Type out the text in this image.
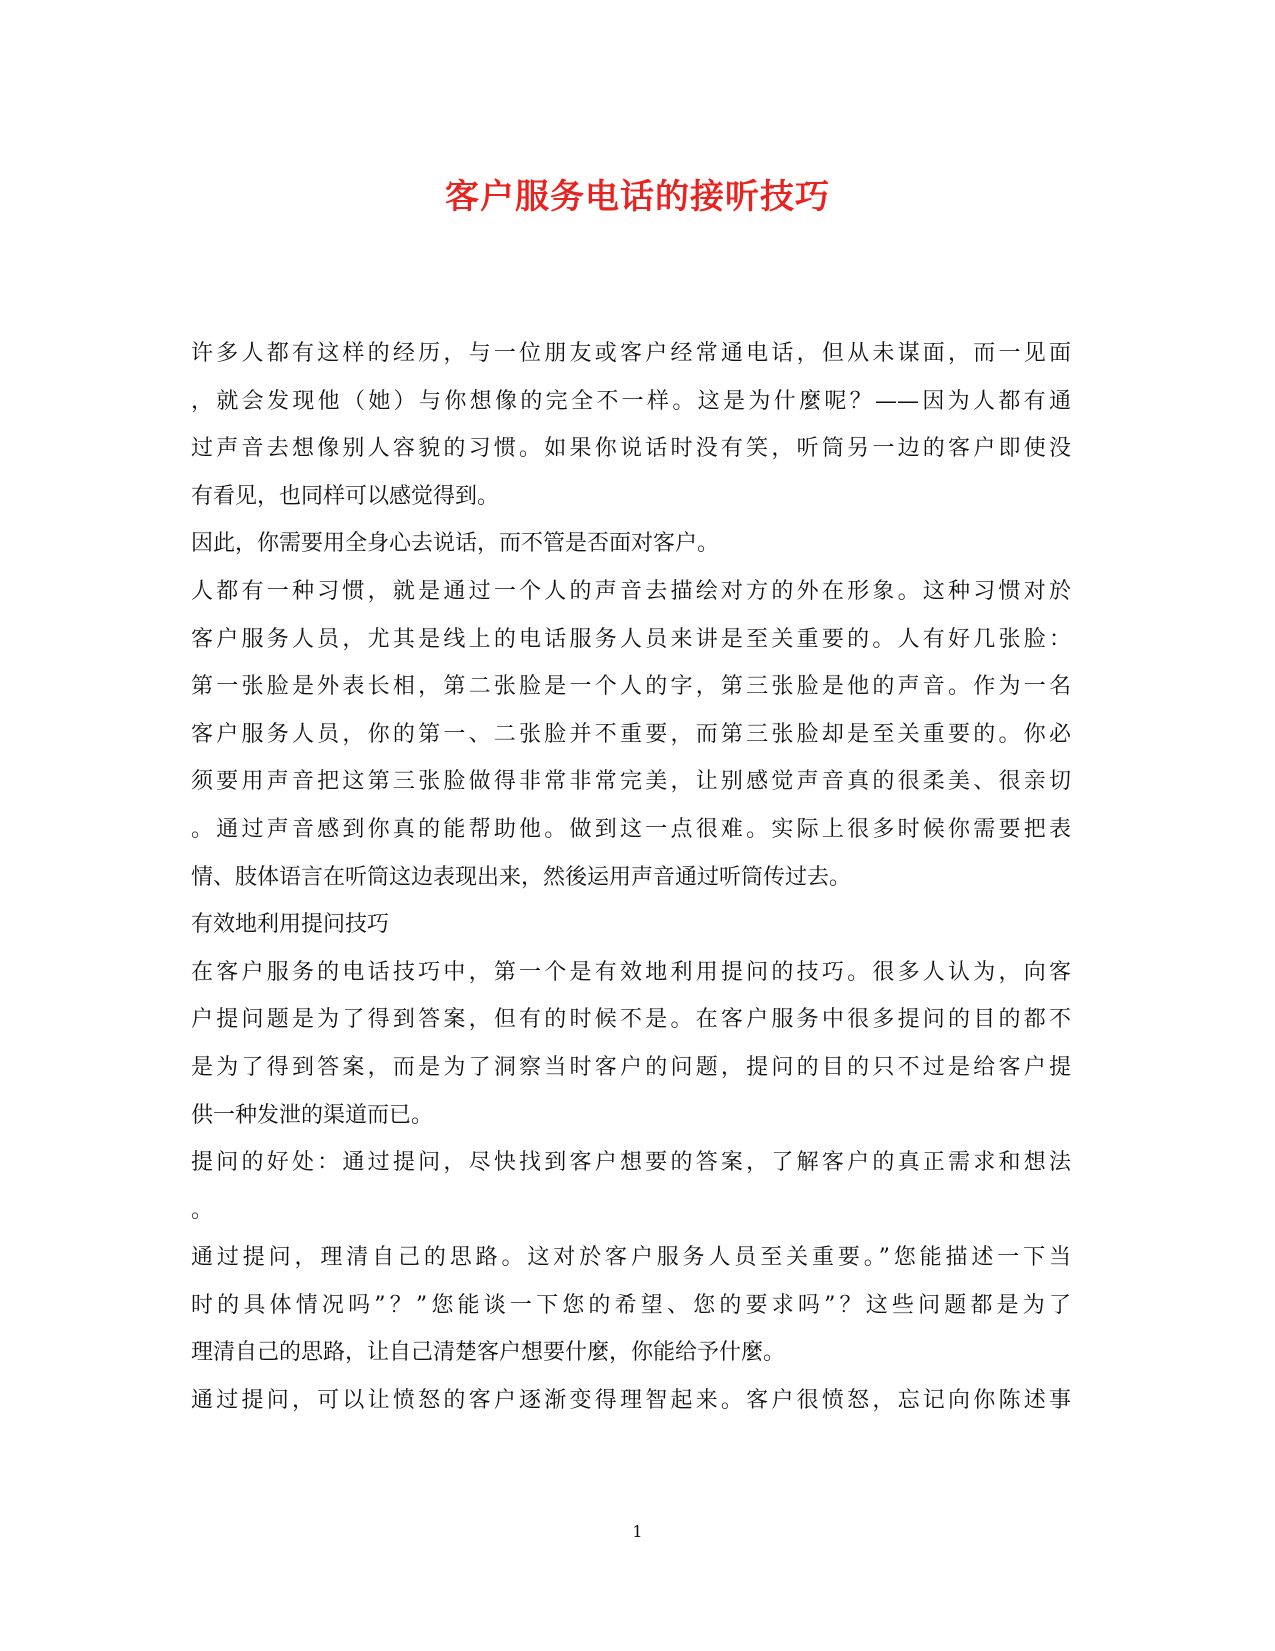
客户服务电话的接听技巧
许多人都有这样的经历，与一位朋友或客户经常通电话，但从未谋面，而一见面
，就会发现他（她）与你想像的完全不一样。这是为什麼呢？——因为人都有通
过声音去想像别人容貌的习惯。如果你说话时没有笑，听筒另一边的客户即使没
有看见，也同样可以感觉得到。
因此，你需要用全身心去说话，而不管是否面对客户。
人都有一种习惯，就是通过一个人的声音去描绘对方的外在形象。这种习惯对於
客户服务人员，尤其是线上的电话服务人员来讲是至关重要的。人有好几张脸：
第一张脸是外表长相，第二张脸是一个人的字，第三张脸是他的声音。作为一名
客户服务人员，你的第一、二张脸并不重要，而第三张脸却是至关重要的。你必
须要用声音把这第三张脸做得非常非常完美，让别感觉声音真的很柔美、很亲切
。通过声音感到你真的能帮助他。做到这一点很难。实际上很多时候你需要把表
情、肢体语言在听筒这边表现出来，然後运用声音通过听筒传过去。
有效地利用提问技巧
在客户服务的电话技巧中，第一个是有效地利用提问的技巧。很多人认为，向客
户提问题是为了得到答案，但有的时候不是。在客户服务中很多提问的目的都不
是为了得到答案，而是为了洞察当时客户的问题，提问的目的只不过是给客户提
供一种发泄的渠道而已。
提问的好处：通过提问，尽快找到客户想要的答案，了解客户的真正需求和想法
。
通过提问，理清自己的思路。这对於客户服务人员至关重要。”您能描述一下当
时的具体情况吗”？”您能谈一下您的希望、您的要求吗”？这些问题都是为了
理清自己的思路，让自己清楚客户想要什麼，你能给予什麼。
通过提问，可以让愤怒的客户逐渐变得理智起来。客户很愤怒，忘记向你陈述事
1
